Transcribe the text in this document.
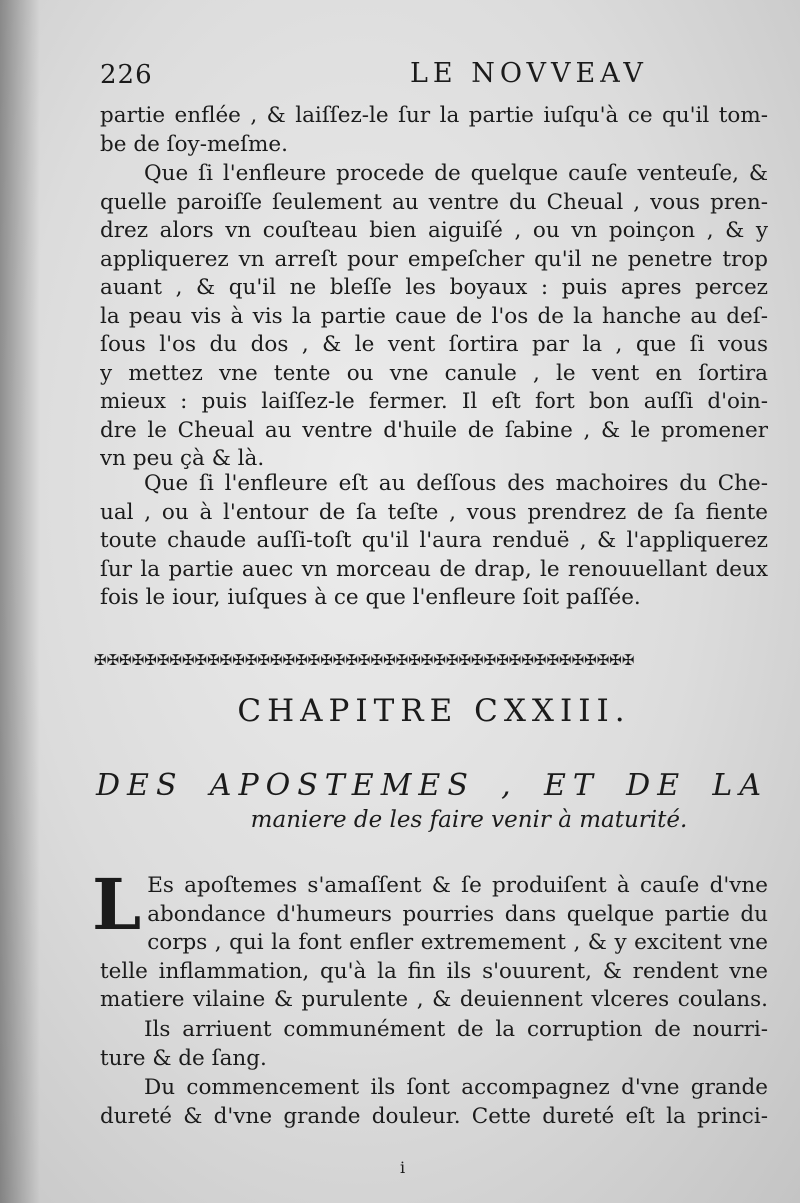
226	LE NOVVEAV
partie enflée , & laiſſez-le ſur la partie iuſqu'à ce qu'il tom-
be de ſoy-meſme.
Que ſi l'enfleure procede de quelque cauſe venteuſe, &
quelle paroiſſe ſeulement au ventre du Cheual , vous pren-
drez alors vn couſteau bien aiguiſé , ou vn poinçon , & y
appliquerez vn arreſt pour empeſcher qu'il ne penetre trop
auant , & qu'il ne bleſſe les boyaux : puis apres percez
la peau vis à vis la partie caue de l'os de la hanche au deſ-
ſous l'os du dos , & le vent ſortira par la , que ſi vous
y mettez vne tente ou vne canule , le vent en ſortira
mieux : puis laiſſez-le fermer. Il eſt fort bon auſſi d'oin-
dre le Cheual au ventre d'huile de ſabine , & le promener
vn peu çà & là.
Que ſi l'enfleure eſt au deſſous des machoires du Che-
ual , ou à l'entour de ſa teſte , vous prendrez de ſa fiente
toute chaude auſſi-toſt qu'il l'aura renduë , & l'appliquerez
ſur la partie auec vn morceau de drap, le renouuellant deux
fois le iour, iuſques à ce que l'enfleure ſoit paſſée.
✠✠✠✠✠✠✠✠✠✠✠✠✠✠✠✠✠✠✠✠✠✠✠✠✠✠✠✠✠✠✠✠✠✠✠✠✠✠✠✠✠✠✠
CHAPITRE CXXIII.
DES APOSTEMES , ET DE LA
maniere de les faire venir à maturité.
L Es apoſtemes s'amaſſent & ſe produiſent à cauſe d'vne
abondance d'humeurs pourries dans quelque partie du
corps , qui la font enfler extremement , & y excitent vne
telle inflammation, qu'à la fin ils s'ouurent, & rendent vne
matiere vilaine & purulente , & deuiennent vlceres coulans.
Ils arriuent communément de la corruption de nourri-
ture & de ſang.
Du commencement ils ſont accompagnez d'vne grande
dureté & d'vne grande douleur. Cette dureté eſt la princi-
i
